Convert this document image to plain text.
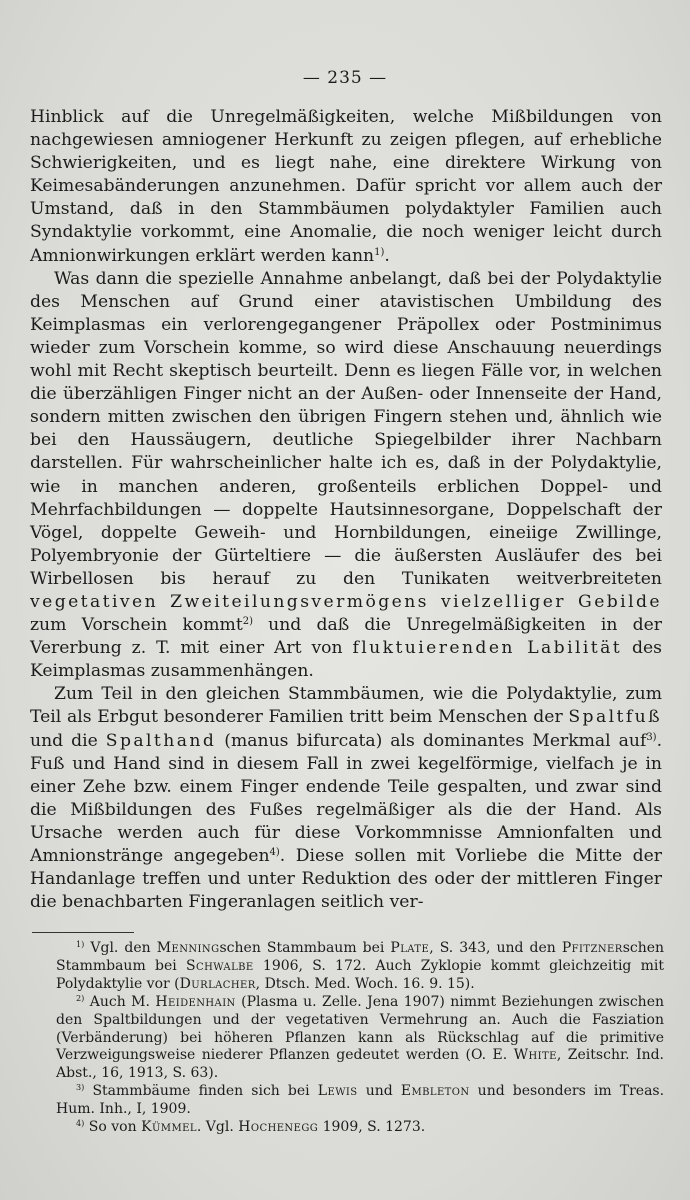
— 235 —

Hinblick auf die Unregelmäßigkeiten, welche Mißbildungen von nachgewiesen amniogener Herkunft zu zeigen pflegen, auf erhebliche Schwierigkeiten, und es liegt nahe, eine direktere Wirkung von Keimesabänderungen anzunehmen. Dafür spricht vor allem auch der Umstand, daß in den Stammbäumen polydaktyler Familien auch Syndaktylie vorkommt, eine Anomalie, die noch weniger leicht durch Amnionwirkungen erklärt werden kann$^{1)}$.

Was dann die spezielle Annahme anbelangt, daß bei der Polydaktylie des Menschen auf Grund einer atavistischen Umbildung des Keimplasmas ein verlorengegangener Präpollex oder Postminimus wieder zum Vorschein komme, so wird diese Anschauung neuerdings wohl mit Recht skeptisch beurteilt. Denn es liegen Fälle vor, in welchen die überzähligen Finger nicht an der Außen- oder Innenseite der Hand, sondern mitten zwischen den übrigen Fingern stehen und, ähnlich wie bei den Haussäugern, deutliche Spiegelbilder ihrer Nachbarn darstellen. Für wahrscheinlicher halte ich es, daß in der Polydaktylie, wie in manchen anderen, großenteils erblichen Doppel- und Mehrfachbildungen — doppelte Hautsinnesorgane, Doppelschaft der Vögel, doppelte Geweih- und Hornbildungen, eineiige Zwillinge, Polyembryonie der Gürteltiere — die äußersten Ausläufer des bei Wirbellosen bis herauf zu den Tunikaten weitverbreiteten vegetativen Zweiteilungsvermögens vielzelliger Gebilde zum Vorschein kommt$^{2)}$ und daß die Unregelmäßigkeiten in der Vererbung z. T. mit einer Art von fluktuierenden Labilität des Keimplasmas zusammenhängen.

Zum Teil in den gleichen Stammbäumen, wie die Polydaktylie, zum Teil als Erbgut besonderer Familien tritt beim Menschen der Spaltfuß und die Spalthand (manus bifurcata) als dominantes Merkmal auf$^{3)}$. Fuß und Hand sind in diesem Fall in zwei kegelförmige, vielfach je in einer Zehe bzw. einem Finger endende Teile gespalten, und zwar sind die Mißbildungen des Fußes regelmäßiger als die der Hand. Als Ursache werden auch für diese Vorkommnisse Amnionfalten und Amnionstränge angegeben$^{4)}$. Diese sollen mit Vorliebe die Mitte der Handanlage treffen und unter Reduktion des oder der mittleren Finger die benachbarten Fingeranlagen seitlich ver-

$^{1)}$ Vgl. den Menningschen Stammbaum bei Plate, S. 343, und den Pfitznerschen Stammbaum bei Schwalbe 1906, S. 172. Auch Zyklopie kommt gleichzeitig mit Polydaktylie vor (Durlacher, Dtsch. Med. Woch. 16. 9. 15).

$^{2)}$ Auch M. Heidenhain (Plasma u. Zelle. Jena 1907) nimmt Beziehungen zwischen den Spaltbildungen und der vegetativen Vermehrung an. Auch die Fasziation (Verbänderung) bei höheren Pflanzen kann als Rückschlag auf die primitive Verzweigungsweise niederer Pflanzen gedeutet werden (O. E. White, Zeitschr. Ind. Abst., 16, 1913, S. 63).

$^{3)}$ Stammbäume finden sich bei Lewis und Embleton und besonders im Treas. Hum. Inh., I, 1909.

$^{4)}$ So von Kümmel. Vgl. Hochenegg 1909, S. 1273.
